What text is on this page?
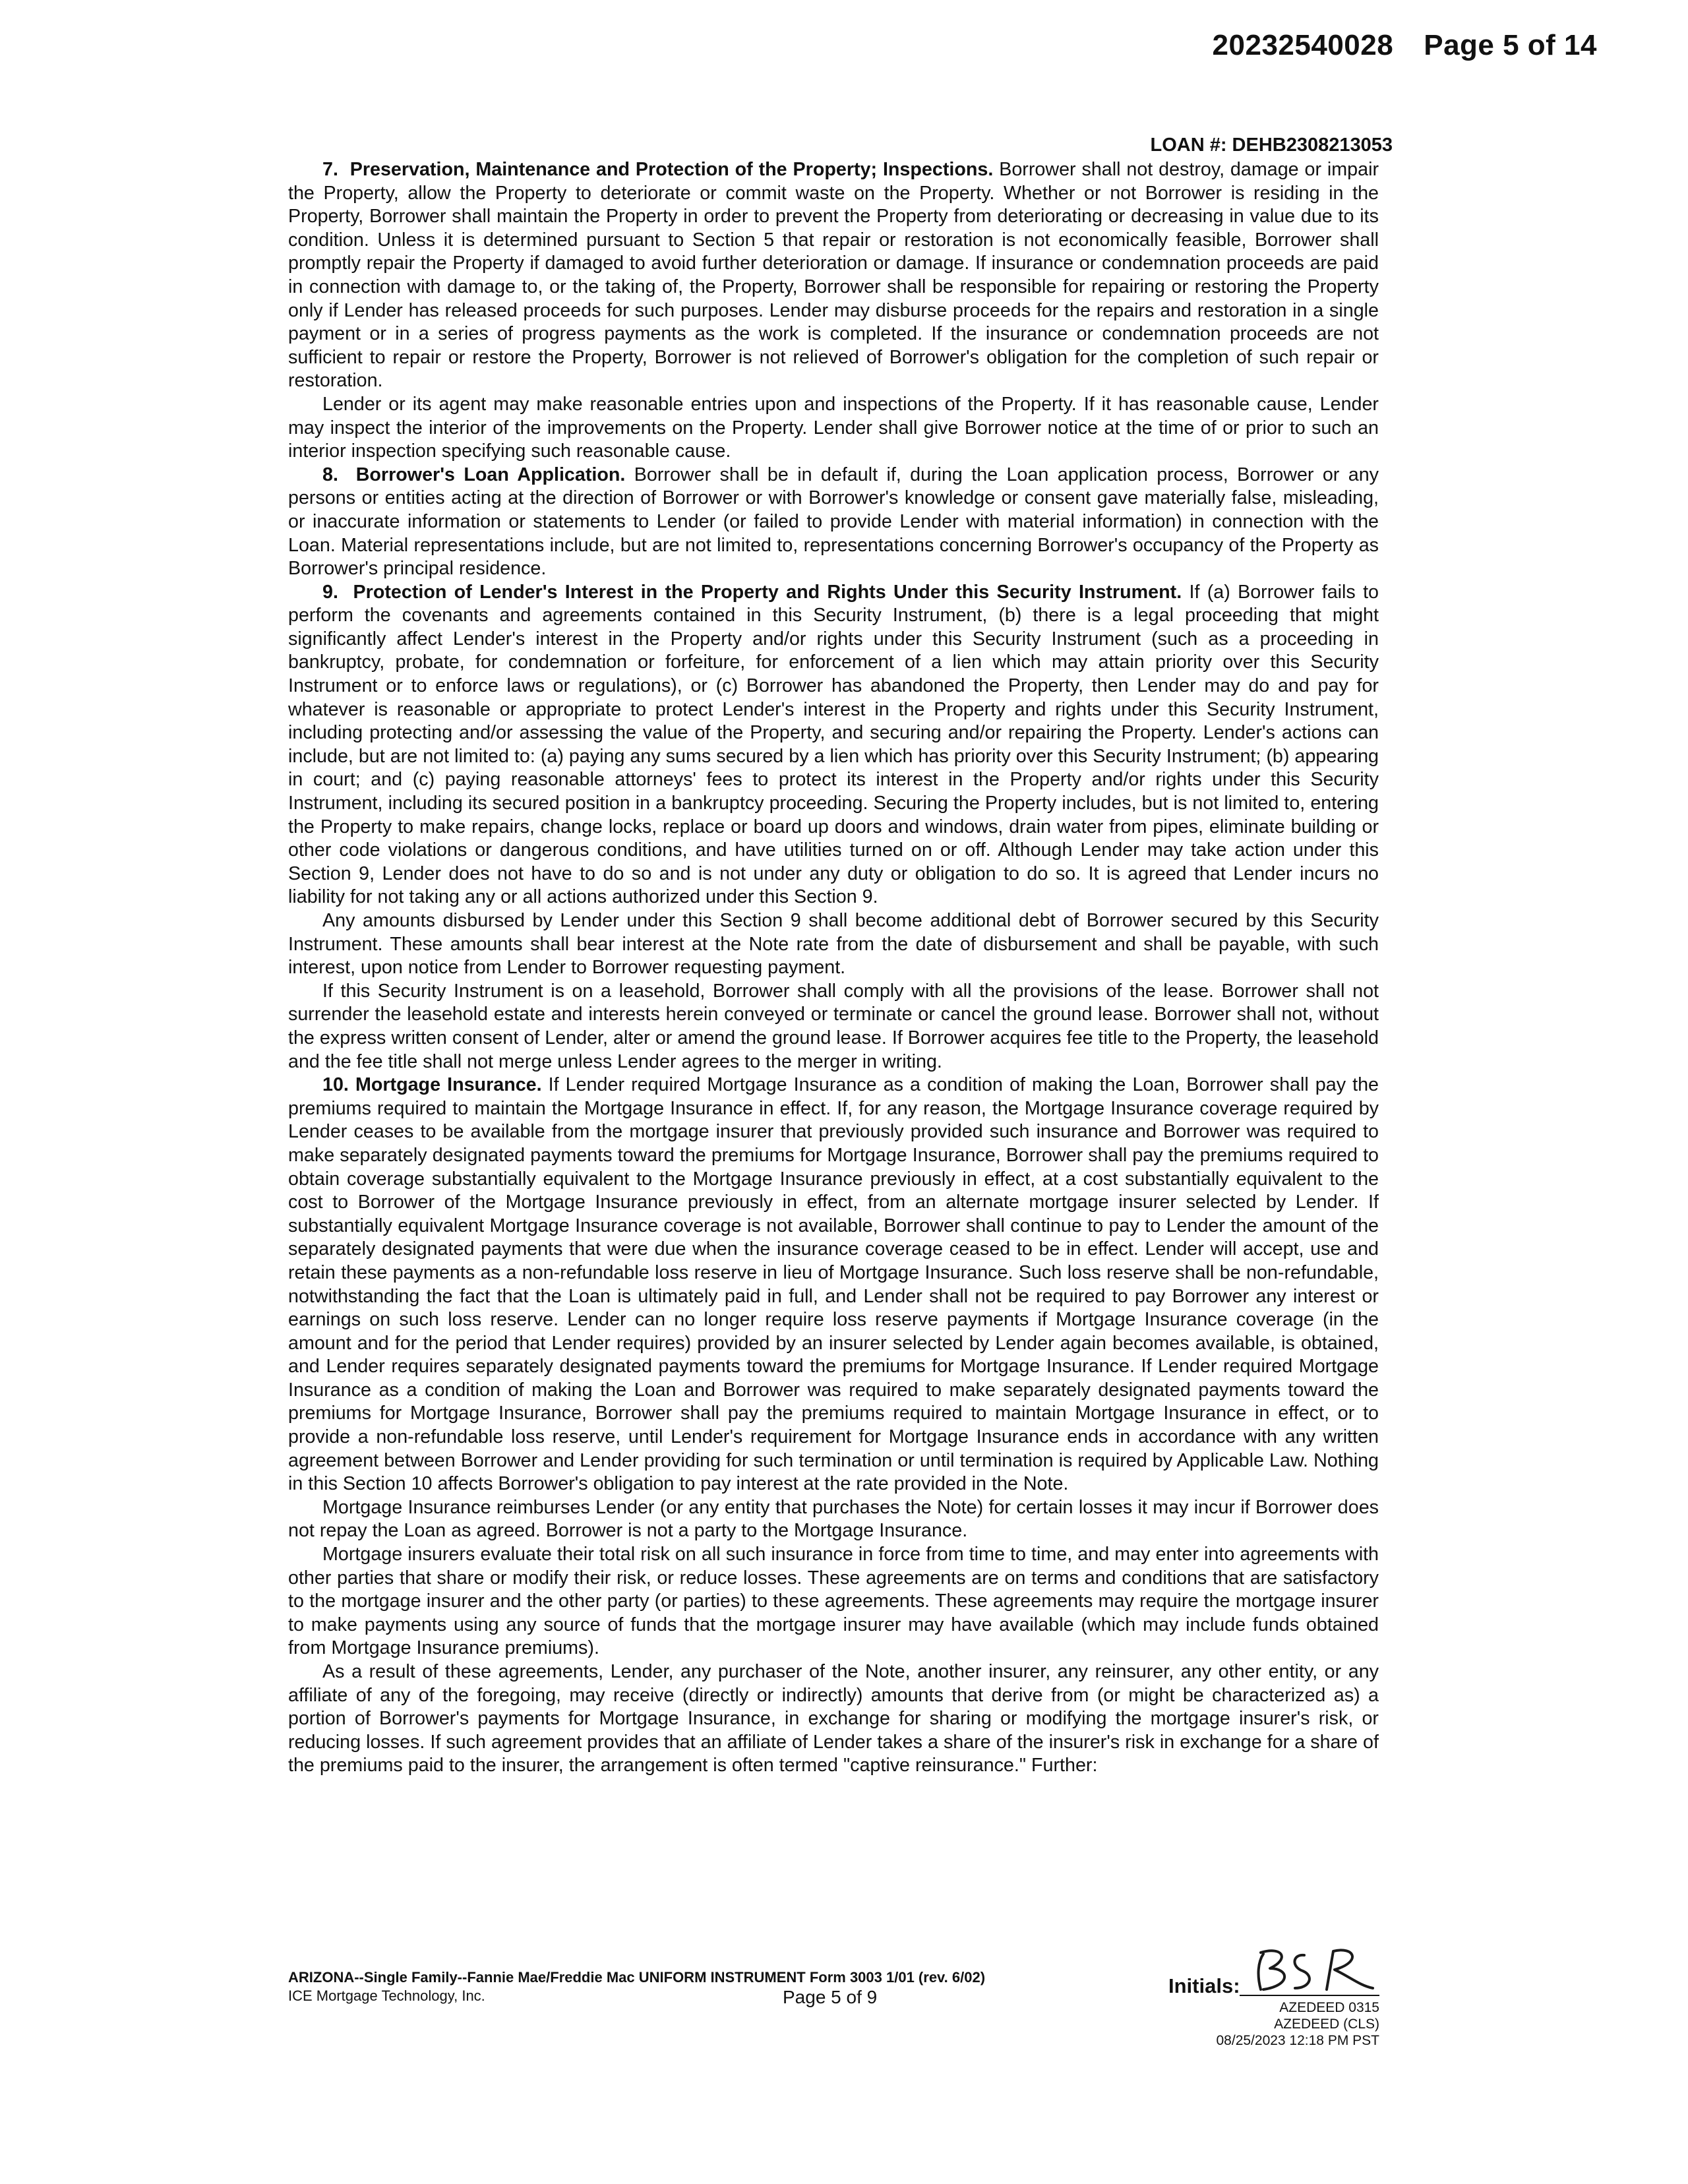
20232540028 Page 5 of 14
LOAN #: DEHB2308213053

7.  Preservation, Maintenance and Protection of the Property; Inspections. Borrower shall not destroy, damage or impair the Property, allow the Property to deteriorate or commit waste on the Property. Whether or not Borrower is residing in the Property, Borrower shall maintain the Property in order to prevent the Property from deteriorating or decreasing in value due to its condition. Unless it is determined pursuant to Section 5 that repair or restoration is not economically feasible, Borrower shall promptly repair the Property if damaged to avoid further deterioration or damage. If insurance or condemnation proceeds are paid in connection with damage to, or the taking of, the Property, Borrower shall be responsible for repairing or restoring the Property only if Lender has released proceeds for such purposes. Lender may disburse proceeds for the repairs and restoration in a single payment or in a series of progress payments as the work is completed. If the insurance or condemnation proceeds are not sufficient to repair or restore the Property, Borrower is not relieved of Borrower's obligation for the completion of such repair or restoration.

Lender or its agent may make reasonable entries upon and inspections of the Property. If it has reasonable cause, Lender may inspect the interior of the improvements on the Property. Lender shall give Borrower notice at the time of or prior to such an interior inspection specifying such reasonable cause.

8.  Borrower's Loan Application. Borrower shall be in default if, during the Loan application process, Borrower or any persons or entities acting at the direction of Borrower or with Borrower's knowledge or consent gave materially false, misleading, or inaccurate information or statements to Lender (or failed to provide Lender with material information) in connection with the Loan. Material representations include, but are not limited to, representations concerning Borrower's occupancy of the Property as Borrower's principal residence.

9.  Protection of Lender's Interest in the Property and Rights Under this Security Instrument. If (a) Borrower fails to perform the covenants and agreements contained in this Security Instrument, (b) there is a legal proceeding that might significantly affect Lender's interest in the Property and/or rights under this Security Instrument (such as a proceeding in bankruptcy, probate, for condemnation or forfeiture, for enforcement of a lien which may attain priority over this Security Instrument or to enforce laws or regulations), or (c) Borrower has abandoned the Property, then Lender may do and pay for whatever is reasonable or appropriate to protect Lender's interest in the Property and rights under this Security Instrument, including protecting and/or assessing the value of the Property, and securing and/or repairing the Property. Lender's actions can include, but are not limited to: (a) paying any sums secured by a lien which has priority over this Security Instrument; (b) appearing in court; and (c) paying reasonable attorneys' fees to protect its interest in the Property and/or rights under this Security Instrument, including its secured position in a bankruptcy proceeding. Securing the Property includes, but is not limited to, entering the Property to make repairs, change locks, replace or board up doors and windows, drain water from pipes, eliminate building or other code violations or dangerous conditions, and have utilities turned on or off. Although Lender may take action under this Section 9, Lender does not have to do so and is not under any duty or obligation to do so. It is agreed that Lender incurs no liability for not taking any or all actions authorized under this Section 9.

Any amounts disbursed by Lender under this Section 9 shall become additional debt of Borrower secured by this Security Instrument. These amounts shall bear interest at the Note rate from the date of disbursement and shall be payable, with such interest, upon notice from Lender to Borrower requesting payment.

If this Security Instrument is on a leasehold, Borrower shall comply with all the provisions of the lease. Borrower shall not surrender the leasehold estate and interests herein conveyed or terminate or cancel the ground lease. Borrower shall not, without the express written consent of Lender, alter or amend the ground lease. If Borrower acquires fee title to the Property, the leasehold and the fee title shall not merge unless Lender agrees to the merger in writing.

10. Mortgage Insurance. If Lender required Mortgage Insurance as a condition of making the Loan, Borrower shall pay the premiums required to maintain the Mortgage Insurance in effect. If, for any reason, the Mortgage Insurance coverage required by Lender ceases to be available from the mortgage insurer that previously provided such insurance and Borrower was required to make separately designated payments toward the premiums for Mortgage Insurance, Borrower shall pay the premiums required to obtain coverage substantially equivalent to the Mortgage Insurance previously in effect, at a cost substantially equivalent to the cost to Borrower of the Mortgage Insurance previously in effect, from an alternate mortgage insurer selected by Lender. If substantially equivalent Mortgage Insurance coverage is not available, Borrower shall continue to pay to Lender the amount of the separately designated payments that were due when the insurance coverage ceased to be in effect. Lender will accept, use and retain these payments as a non-refundable loss reserve in lieu of Mortgage Insurance. Such loss reserve shall be non-refundable, notwithstanding the fact that the Loan is ultimately paid in full, and Lender shall not be required to pay Borrower any interest or earnings on such loss reserve. Lender can no longer require loss reserve payments if Mortgage Insurance coverage (in the amount and for the period that Lender requires) provided by an insurer selected by Lender again becomes available, is obtained, and Lender requires separately designated payments toward the premiums for Mortgage Insurance. If Lender required Mortgage Insurance as a condition of making the Loan and Borrower was required to make separately designated payments toward the premiums for Mortgage Insurance, Borrower shall pay the premiums required to maintain Mortgage Insurance in effect, or to provide a non-refundable loss reserve, until Lender's requirement for Mortgage Insurance ends in accordance with any written agreement between Borrower and Lender providing for such termination or until termination is required by Applicable Law. Nothing in this Section 10 affects Borrower's obligation to pay interest at the rate provided in the Note.

Mortgage Insurance reimburses Lender (or any entity that purchases the Note) for certain losses it may incur if Borrower does not repay the Loan as agreed. Borrower is not a party to the Mortgage Insurance.

Mortgage insurers evaluate their total risk on all such insurance in force from time to time, and may enter into agreements with other parties that share or modify their risk, or reduce losses. These agreements are on terms and conditions that are satisfactory to the mortgage insurer and the other party (or parties) to these agreements. These agreements may require the mortgage insurer to make payments using any source of funds that the mortgage insurer may have available (which may include funds obtained from Mortgage Insurance premiums).

As a result of these agreements, Lender, any purchaser of the Note, another insurer, any reinsurer, any other entity, or any affiliate of any of the foregoing, may receive (directly or indirectly) amounts that derive from (or might be characterized as) a portion of Borrower's payments for Mortgage Insurance, in exchange for sharing or modifying the mortgage insurer's risk, or reducing losses. If such agreement provides that an affiliate of Lender takes a share of the insurer's risk in exchange for a share of the premiums paid to the insurer, the arrangement is often termed "captive reinsurance." Further:

ARIZONA--Single Family--Fannie Mae/Freddie Mac UNIFORM INSTRUMENT Form 3003 1/01 (rev. 6/02)
ICE Mortgage Technology, Inc.	Page 5 of 9	Initials:
AZEDEED 0315
AZEDEED (CLS)
08/25/2023 12:18 PM PST
